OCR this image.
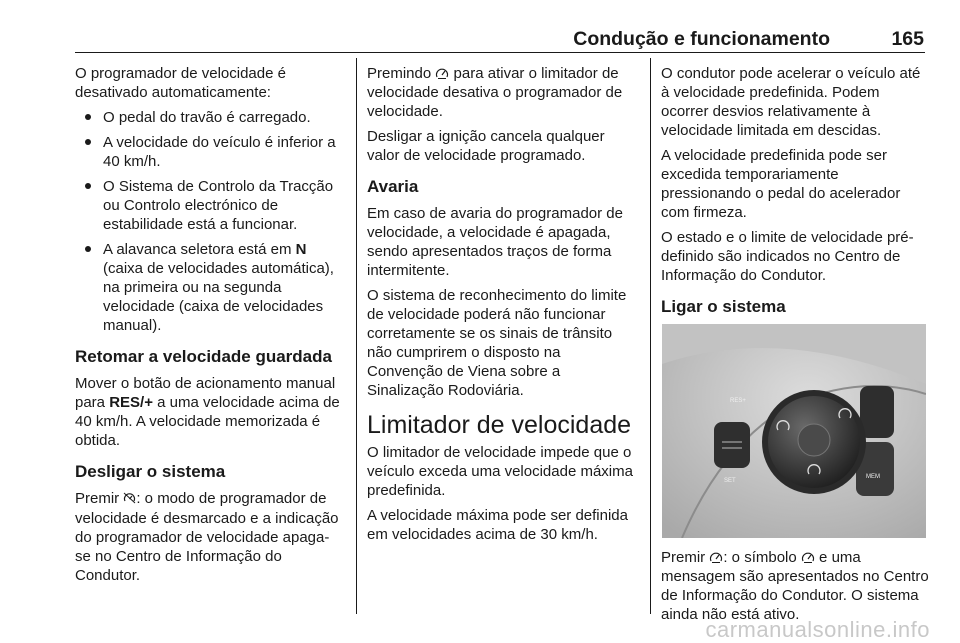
Condução e funcionamento	165

O programador de velocidade é desativado automaticamente:

O pedal do travão é carregado.
A velocidade do veículo é inferior a 40 km/h.
O Sistema de Controlo da Tracção ou Controlo electrónico de estabilidade está a funcionar.
A alavanca seletora está em N (caixa de velocidades automática), na primeira ou na segunda velocidade (caixa de velocidades manual).
Retomar a velocidade guardada

Mover o botão de acionamento manual para RES/+ a uma velocidade acima de 40 km/h. A velocidade memorizada é obtida.

Desligar o sistema

Premir : o modo de programador de velocidade é desmarcado e a indicação do programador de velocidade apaga-se no Centro de Informação do Condutor.

Premindo  para ativar o limitador de velocidade desativa o programador de velocidade.

Desligar a ignição cancela qualquer valor de velocidade programado.

Avaria

Em caso de avaria do programador de velocidade, a velocidade é apagada, sendo apresentados traços de forma intermitente.

O sistema de reconhecimento do limite de velocidade poderá não funcionar corretamente se os sinais de trânsito não cumprirem o disposto na Convenção de Viena sobre a Sinalização Rodoviária.

Limitador de velocidade

O limitador de velocidade impede que o veículo exceda uma velocidade máxima predefinida.

A velocidade máxima pode ser definida em velocidades acima de 30 km/h.

O condutor pode acelerar o veículo até à velocidade predefinida. Podem ocorrer desvios relativamente à velocidade limitada em descidas.

A velocidade predefinida pode ser excedida temporariamente pressionando o pedal do acelerador com firmeza.

O estado e o limite de velocidade pré-definido são indicados no Centro de Informação do Condutor.

Ligar o sistema
RES+
SET
MEM

Premir : o símbolo  e uma mensagem são apresentados no Centro de Informação do Condutor. O sistema ainda não está ativo.

carmanualsonline.info
